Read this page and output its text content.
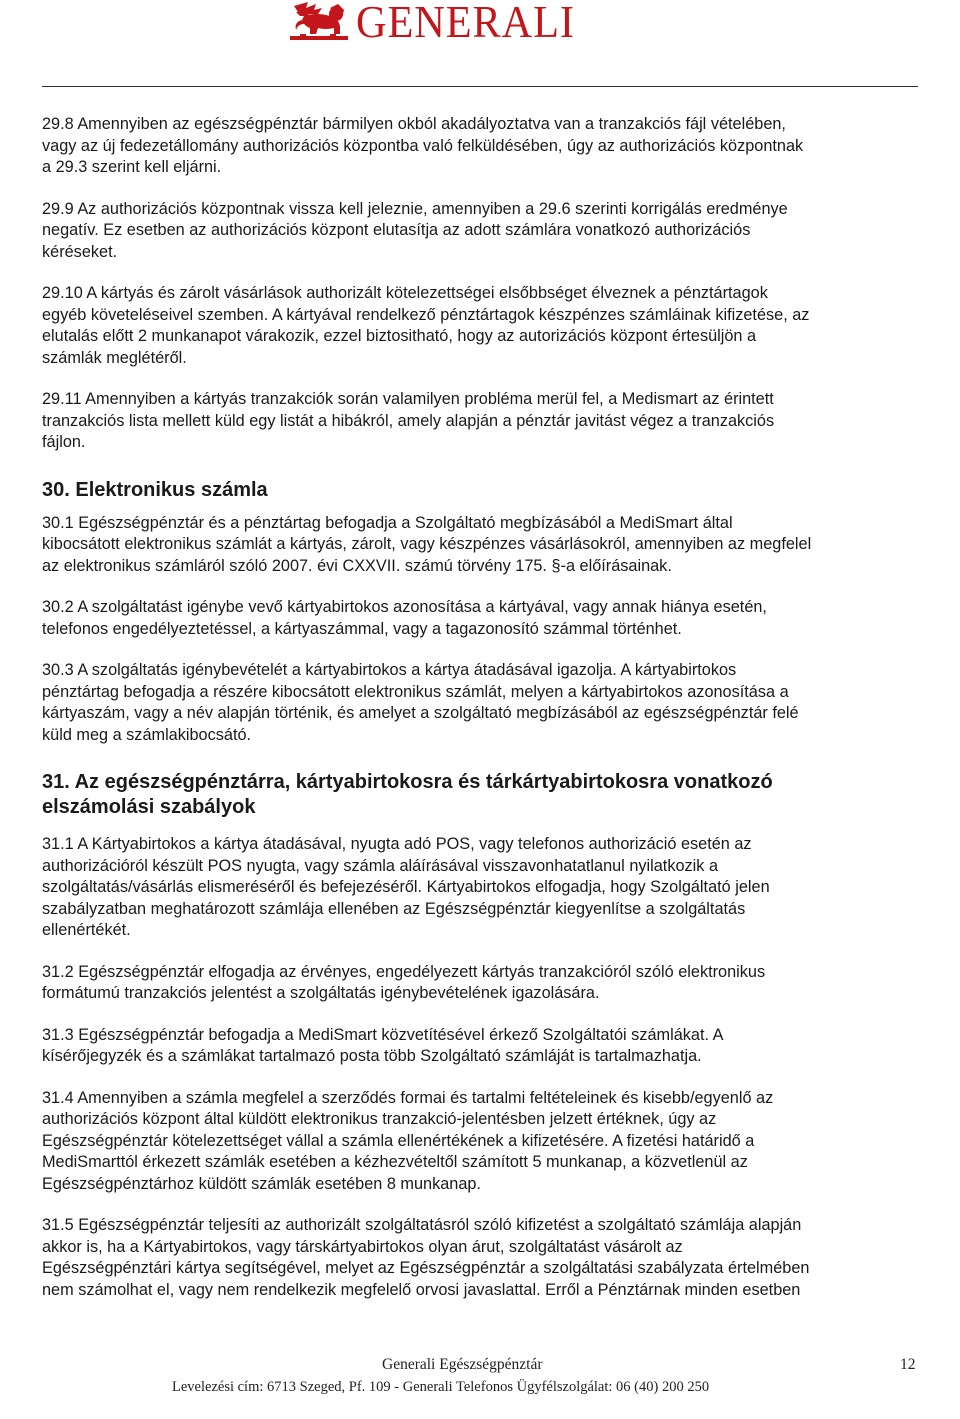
GENERALI

29.8 Amennyiben az egészségpénztár bármilyen okból akadályoztatva van a tranzakciós fájl vételében,
vagy az új fedezetállomány authorizációs központba való felküldésében, úgy az authorizációs központnak
a 29.3 szerint kell eljárni.

29.9 Az authorizációs központnak vissza kell jeleznie, amennyiben a 29.6 szerinti korrigálás eredménye
negatív. Ez esetben az authorizációs központ elutasítja az adott számlára vonatkozó authorizációs
kéréseket.

29.10 A kártyás és zárolt vásárlások authorizált kötelezettségei elsőbbséget élveznek a pénztártagok
egyéb követeléseivel szemben. A kártyával rendelkező pénztártagok készpénzes számláinak kifizetése, az
elutalás előtt 2 munkanapot várakozik, ezzel biztositható, hogy az autorizációs központ értesüljön a
számlák meglétéről.

29.11 Amennyiben a kártyás tranzakciók során valamilyen probléma merül fel, a Medismart az érintett
tranzakciós lista mellett küld egy listát a hibákról, amely alapján a pénztár javitást végez a tranzakciós
fájlon.

30. Elektronikus számla

30.1 Egészségpénztár és a pénztártag befogadja a Szolgáltató megbízásából a MediSmart által
kibocsátott elektronikus számlát a kártyás, zárolt, vagy készpénzes vásárlásokról, amennyiben az megfelel
az elektronikus számláról szóló 2007. évi CXXVII. számú törvény 175. §-a előírásainak.

30.2 A szolgáltatást igénybe vevő kártyabirtokos azonosítása a kártyával, vagy annak hiánya esetén,
telefonos engedélyeztetéssel, a kártyaszámmal, vagy a tagazonosító számmal történhet.

30.3 A szolgáltatás igénybevételét a kártyabirtokos a kártya átadásával igazolja. A kártyabirtokos
pénztártag befogadja a részére kibocsátott elektronikus számlát, melyen a kártyabirtokos azonosítása a
kártyaszám, vagy a név alapján történik, és amelyet a szolgáltató megbízásából az egészségpénztár felé
küld meg a számlakibocsátó.

31. Az egészségpénztárra, kártyabirtokosra és tárkártyabirtokosra vonatkozó
elszámolási szabályok

31.1 A Kártyabirtokos a kártya átadásával, nyugta adó POS, vagy telefonos authorizáció esetén az
authorizációról készült POS nyugta, vagy számla aláírásával visszavonhatatlanul nyilatkozik a
szolgáltatás/vásárlás elismeréséről és befejezéséről. Kártyabirtokos elfogadja, hogy Szolgáltató jelen
szabályzatban meghatározott számlája ellenében az Egészségpénztár kiegyenlítse a szolgáltatás
ellenértékét.

31.2 Egészségpénztár elfogadja az érvényes, engedélyezett kártyás tranzakcióról szóló elektronikus
formátumú tranzakciós jelentést a szolgáltatás igénybevételének igazolására.

31.3 Egészségpénztár befogadja a MediSmart közvetítésével érkező Szolgáltatói számlákat. A
kísérőjegyzék és a számlákat tartalmazó posta több Szolgáltató számláját is tartalmazhatja.

31.4 Amennyiben a számla megfelel a szerződés formai és tartalmi feltételeinek és kisebb/egyenlő az
authorizációs központ által küldött elektronikus tranzakció-jelentésben jelzett értéknek, úgy az
Egészségpénztár kötelezettséget vállal a számla ellenértékének a kifizetésére. A fizetési határidő a
MediSmarttól érkezett számlák esetében a kézhezvételtől számított 5 munkanap, a közvetlenül az
Egészségpénztárhoz küldött számlák esetében 8 munkanap.

31.5 Egészségpénztár teljesíti az authorizált szolgáltatásról szóló kifizetést a szolgáltató számlája alapján
akkor is, ha a Kártyabirtokos, vagy társkártyabirtokos olyan árut, szolgáltatást vásárolt az
Egészségpénztári kártya segítségével, melyet az Egészségpénztár a szolgáltatási szabályzata értelmében
nem számolhat el, vagy nem rendelkezik megfelelő orvosi javaslattal. Erről a Pénztárnak minden esetben

Generali Egészségpénztár	12
Levelezési cím: 6713 Szeged, Pf. 109 - Generali Telefonos Ügyfélszolgálat: 06 (40) 200 250
